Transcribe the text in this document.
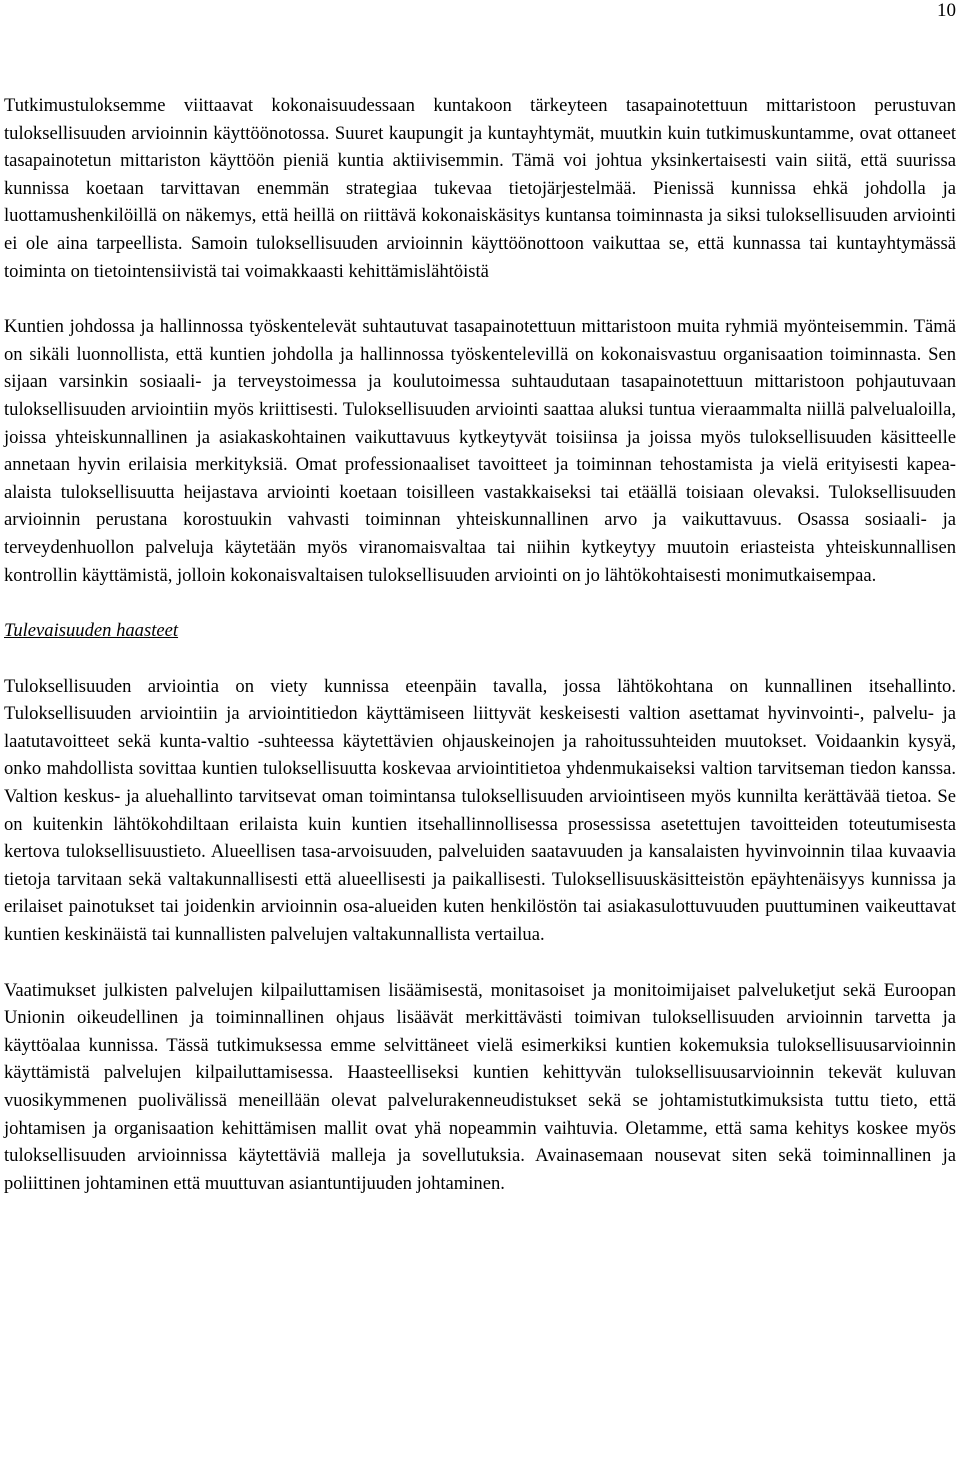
10

Tutkimustuloksemme viittaavat kokonaisuudessaan kuntakoon tärkeyteen tasapainotettuun mittaristoon perustuvan tuloksellisuuden arvioinnin käyttöönotossa. Suuret kaupungit ja kuntayhtymät, muutkin kuin tutkimuskuntamme, ovat ottaneet tasapainotetun mittariston käyttöön pieniä kuntia aktiivisemmin. Tämä voi johtua yksinkertaisesti vain siitä, että suurissa kunnissa koetaan tarvittavan enemmän strategiaa tukevaa tietojärjestelmää. Pienissä kunnissa ehkä johdolla ja luottamushenkilöillä on näkemys, että heillä on riittävä kokonaiskäsitys kuntansa toiminnasta ja siksi tuloksellisuuden arviointi ei ole aina tarpeellista. Samoin tuloksellisuuden arvioinnin käyttöönottoon vaikuttaa se, että kunnassa tai kuntayhtymässä toiminta on tietointensiivistä tai voimakkaasti kehittämislähtöistä

Kuntien johdossa ja hallinnossa työskentelevät suhtautuvat tasapainotettuun mittaristoon muita ryhmiä myönteisemmin. Tämä on sikäli luonnollista, että kuntien johdolla ja hallinnossa työskentelevillä on kokonaisvastuu organisaation toiminnasta. Sen sijaan varsinkin sosiaali- ja terveystoimessa ja koulutoimessa suhtaudutaan tasapainotettuun mittaristoon pohjautuvaan tuloksellisuuden arviointiin myös kriittisesti. Tuloksellisuuden arviointi saattaa aluksi tuntua vieraammalta niillä palvelualoilla, joissa yhteiskunnallinen ja asiakaskohtainen vaikuttavuus kytkeytyvät toisiinsa ja joissa myös tuloksellisuuden käsitteelle annetaan hyvin erilaisia merkityksiä. Omat professionaaliset tavoitteet ja toiminnan tehostamista ja vielä erityisesti kapea-alaista tuloksellisuutta heijastava arviointi koetaan toisilleen vastakkaiseksi tai etäällä toisiaan olevaksi. Tuloksellisuuden arvioinnin perustana korostuukin vahvasti toiminnan yhteiskunnallinen arvo ja vaikuttavuus. Osassa sosiaali- ja terveydenhuollon palveluja käytetään myös viranomaisvaltaa tai niihin kytkeytyy muutoin eriasteista yhteiskunnallisen kontrollin käyttämistä, jolloin kokonaisvaltaisen tuloksellisuuden arviointi on jo lähtökohtaisesti monimutkaisempaa.

Tulevaisuuden haasteet

Tuloksellisuuden arviointia on viety kunnissa eteenpäin tavalla, jossa lähtökohtana on kunnallinen itsehallinto. Tuloksellisuuden arviointiin ja arviointitiedon käyttämiseen liittyvät keskeisesti valtion asettamat hyvinvointi-, palvelu- ja laatutavoitteet sekä kunta-valtio -suhteessa käytettävien ohjauskeinojen ja rahoitussuhteiden muutokset. Voidaankin kysyä, onko mahdollista sovittaa kuntien tuloksellisuutta koskevaa arviointitietoa yhdenmukaiseksi valtion tarvitseman tiedon kanssa. Valtion keskus- ja aluehallinto tarvitsevat oman toimintansa tuloksellisuuden arviointiseen myös kunnilta kerättävää tietoa. Se on kuitenkin lähtökohdiltaan erilaista kuin kuntien itsehallinnollisessa prosessissa asetettujen tavoitteiden toteutumisesta kertova tuloksellisuustieto. Alueellisen tasa-arvoisuuden, palveluiden saatavuuden ja kansalaisten hyvinvoinnin tilaa kuvaavia tietoja tarvitaan sekä valtakunnallisesti että alueellisesti ja paikallisesti. Tuloksellisuuskäsitteistön epäyhtenäisyys kunnissa ja erilaiset painotukset tai joidenkin arvioinnin osa-alueiden kuten henkilöstön tai asiakasulottuvuuden puuttuminen vaikeuttavat kuntien keskinäistä tai kunnallisten palvelujen valtakunnallista vertailua.

Vaatimukset julkisten palvelujen kilpailuttamisen lisäämisestä, monitasoiset ja monitoimijaiset palveluketjut sekä Euroopan Unionin oikeudellinen ja toiminnallinen ohjaus lisäävät merkittävästi toimivan tuloksellisuuden arvioinnin tarvetta ja käyttöalaa kunnissa. Tässä tutkimuksessa emme selvittäneet vielä esimerkiksi kuntien kokemuksia tuloksellisuusarvioinnin käyttämistä palvelujen kilpailuttamisessa. Haasteelliseksi kuntien kehittyvän tuloksellisuusarvioinnin tekevät kuluvan vuosikymmenen puolivälissä meneillään olevat palvelurakenneudistukset sekä se johtamistutkimuksista tuttu tieto, että johtamisen ja organisaation kehittämisen mallit ovat yhä nopeammin vaihtuvia. Oletamme, että sama kehitys koskee myös tuloksellisuuden arvioinnissa käytettäviä malleja ja sovellutuksia. Avainasemaan nousevat siten sekä toiminnallinen ja poliittinen johtaminen että muuttuvan asiantuntijuuden johtaminen.
